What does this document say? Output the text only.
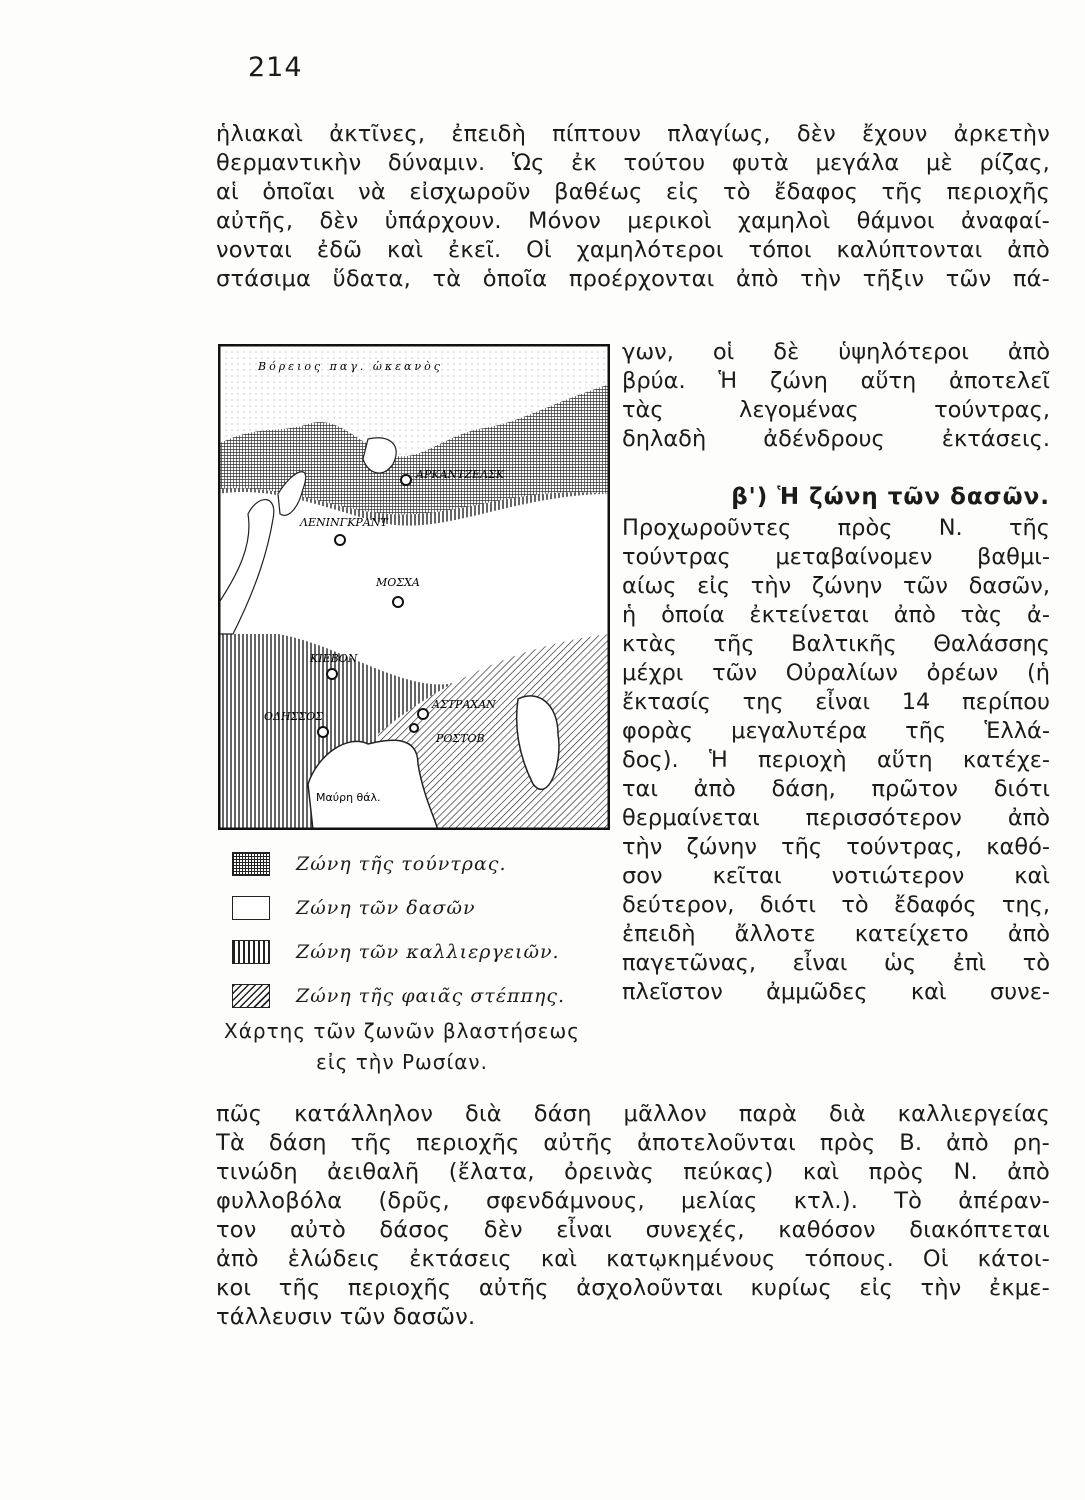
214
ἡλιακαὶ ἀκτῖνες, ἐπειδὴ πίπτουν πλαγίως, δὲν ἔχουν ἀρκετὴν
θερμαντικὴν δύναμιν. Ὡς ἐκ τούτου φυτὰ μεγάλα μὲ ρίζας,
αἱ ὁποῖαι νὰ εἰσχωροῦν βαθέως εἰς τὸ ἔδαφος τῆς περιοχῆς
αὐτῆς, δὲν ὑπάρχουν. Μόνον μερικοὶ χαμηλοὶ θάμνοι ἀναφαί-
νονται ἐδῶ καὶ ἐκεῖ. Οἱ χαμηλότεροι τόποι καλύπτονται ἀπὸ
στάσιμα ὕδατα, τὰ ὁποῖα προέρχονται ἀπὸ τὴν τῆξιν τῶν πά-
γων, οἱ δὲ ὑψηλότεροι ἀπὸ
βρύα. Ἡ ζώνη αὕτη ἀποτελεῖ
τὰς λεγομένας τούντρας,
δηλαδὴ ἀδένδρους ἐκτάσεις.
β') Ἡ ζώνη τῶν δασῶν.
Προχωροῦντες πρὸς Ν. τῆς
τούντρας μεταβαίνομεν βαθμι-
αίως εἰς τὴν ζώνην τῶν δασῶν,
ἡ ὁποία ἐκτείνεται ἀπὸ τὰς ἀ-
κτὰς τῆς Βαλτικῆς Θαλάσσης
μέχρι τῶν Οὐραλίων ὀρέων (ἡ
ἔκτασίς της εἶναι 14 περίπου
φορὰς μεγαλυτέρα τῆς Ἑλλά-
δος). Ἡ περιοχὴ αὕτη κατέχε-
ται ἀπὸ δάση, πρῶτον διότι
θερμαίνεται περισσότερον ἀπὸ
τὴν ζώνην τῆς τούντρας, καθό-
σον κεῖται νοτιώτερον καὶ
δεύτερον, διότι τὸ ἔδαφός της,
ἐπειδὴ ἄλλοτε κατείχετο ἀπὸ
παγετῶνας, εἶναι ὡς ἐπὶ τὸ
πλεῖστον ἀμμῶδες καὶ συνε-
Βόρειος παγ. ὠκεανὸς
Μαύρη θάλ.
ΑΡΚΑΝΤΖΕΛΣΚ
ΛΕΝΙΝΓΚΡΑΝΤ
ΜΟΣΧΑ
ΚΙΕΒΟΝ
ΟΔΗΣΣΟΣ
ΑΣΤΡΑΧΑΝ
ΡΟΣΤΟΒ
Ζώνη τῆς τούντρας.
Ζώνη τῶν δασῶν
Ζώνη τῶν καλλιεργειῶν.
Ζώνη τῆς φαιᾶς στέππης.
Χάρτης τῶν ζωνῶν βλαστήσεως
εἰς τὴν Ρωσίαν.
πῶς κατάλληλον διὰ δάση μᾶλλον παρὰ διὰ καλλιεργείας
Τὰ δάση τῆς περιοχῆς αὐτῆς ἀποτελοῦνται πρὸς Β. ἀπὸ ρη-
τινώδη ἀειθαλῆ (ἔλατα, ὀρεινὰς πεύκας) καὶ πρὸς Ν. ἀπὸ
φυλλοβόλα (δρῦς, σφενδάμνους, μελίας κτλ.). Τὸ ἀπέραν-
τον αὐτὸ δάσος δὲν εἶναι συνεχές, καθόσον διακόπτεται
ἀπὸ ἑλώδεις ἐκτάσεις καὶ κατῳκημένους τόπους. Οἱ κάτοι-
κοι τῆς περιοχῆς αὐτῆς ἀσχολοῦνται κυρίως εἰς τὴν ἐκμε-
τάλλευσιν τῶν δασῶν.
